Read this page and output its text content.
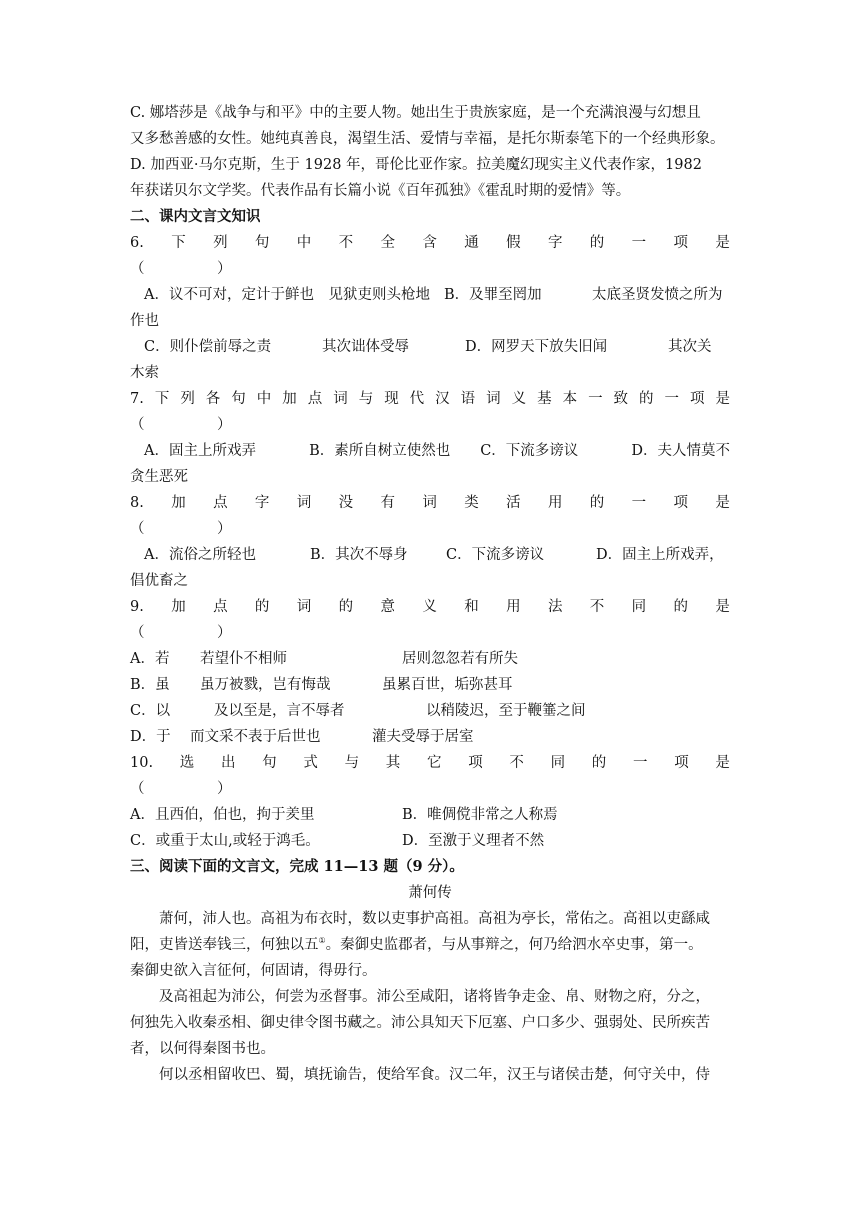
C. 娜塔莎是《战争与和平》中的主要人物。她出生于贵族家庭，是一个充满浪漫与幻想且
又多愁善感的女性。她纯真善良，渴望生活、爱情与幸福，是托尔斯泰笔下的一个经典形象。
D. 加西亚·马尔克斯，生于 1928 年，哥伦比亚作家。拉美魔幻现实主义代表作家，1982
年获诺贝尔文学奖。代表作品有长篇小说《百年孤独》《霍乱时期的爱情》等。
二、课内文言文知识
6. 下 列 句 中 不 全 含 通 假 字 的 一 项 是
（　　　　　）
A．议不可对，定计于鲜也　见狱吏则头枪地 B．及罪至罔加	太底圣贤发愤之所为
作也
C．则仆偿前辱之责	其次诎体受辱	D．网罗天下放失旧闻	其次关
木索
7. 下 列 各 句 中 加 点 词 与 现 代 汉 语 词 义 基 本 一 致 的 一 项 是
（　　　　　）
A．固主上所戏弄	B．素所自树立使然也	C．下流多谤议	D．夫人情莫不
贪生恶死
8. 加 点 字 词 没 有 词 类 活 用 的 一 项 是
（　　　　　）
A．流俗之所轻也	B．其次不辱身	C．下流多谤议	D．固主上所戏弄，
倡优畜之
9. 加 点 的 词 的 意 义 和 用 法 不 同 的 是
（　　　　　）
A．若	若望仆不相师	居则忽忽若有所失
B．虽	虽万被戮，岂有悔哉	虽累百世，垢弥甚耳
C．以	及以至是，言不辱者	以稍陵迟，至于鞭箠之间
D．于	而文采不表于后世也	灌夫受辱于居室
10. 选 出 句 式 与 其 它 项 不 同 的 一 项 是
（　　　　　）
A．且西伯，伯也，拘于羑里	B．唯倜傥非常之人称焉
C．或重于太山,或轻于鸿毛。	D．至激于义理者不然
三、阅读下面的文言文，完成 11—13 题（9 分）。
萧何传
萧何，沛人也。高祖为布衣时，数以吏事护高祖。高祖为亭长，常佑之。高祖以吏繇咸
阳，吏皆送奉钱三，何独以五①。秦御史监郡者，与从事辩之，何乃给泗水卒史事，第一。
秦御史欲入言征何，何固请，得毋行。
及高祖起为沛公，何尝为丞督事。沛公至咸阳，诸将皆争走金、帛、财物之府，分之，
何独先入收秦丞相、御史律令图书藏之。沛公具知天下厄塞、户口多少、强弱处、民所疾苦
者，以何得秦图书也。
何以丞相留收巴、蜀，填抚谕告，使给军食。汉二年，汉王与诸侯击楚，何守关中，侍
